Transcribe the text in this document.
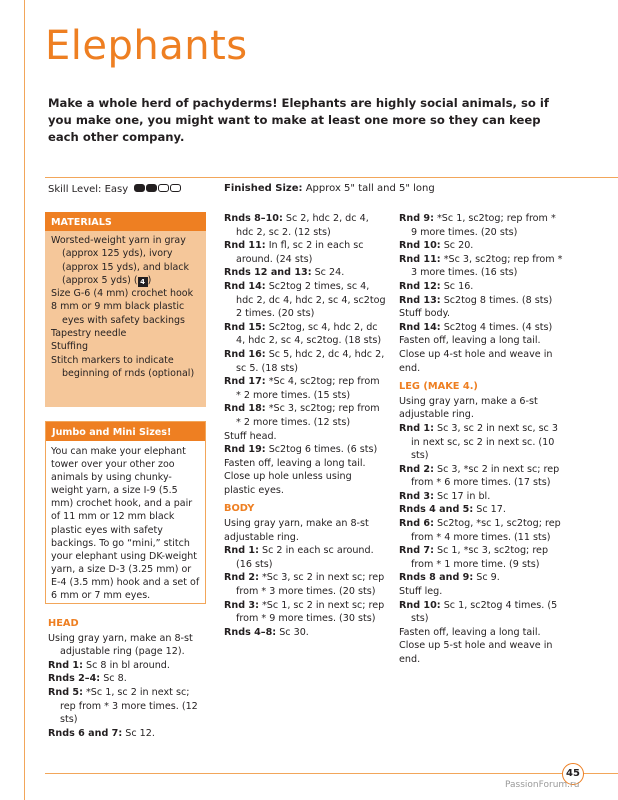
Elephants

Make a whole herd of pachyderms! Elephants are highly social animals, so if you make one, you might want to make at least one more so they can keep each other company.

Skill Level: Easy	Finished Size: Approx 5" tall and 5" long
MATERIALS

Worsted-weight yarn in gray (approx 125 yds), ivory (approx 15 yds), and black (approx 5 yds) ( 4 )

Size G-6 (4 mm) crochet hook

8 mm or 9 mm black plastic eyes with safety backings

Tapestry needle

Stuffing

Stitch markers to indicate beginning of rnds (optional)

Jumbo and Mini Sizes!

You can make your elephant tower over your other zoo animals by using chunky-weight yarn, a size I-9 (5.5 mm) crochet hook, and a pair of 11 mm or 12 mm black plastic eyes with safety backings. To go “mini,” stitch your elephant using DK-weight yarn, a size D-3 (3.25 mm) or E-4 (3.5 mm) hook and a set of 6 mm or 7 mm eyes.

HEAD

Using gray yarn, make an 8-st adjustable ring (page 12).

Rnd 1: Sc 8 in bl around.

Rnds 2–4: Sc 8.

Rnd 5: *Sc 1, sc 2 in next sc; rep from * 3 more times. (12 sts)

Rnds 6 and 7: Sc 12.

Rnds 8–10: Sc 2, hdc 2, dc 4, hdc 2, sc 2. (12 sts)

Rnd 11: In fl, sc 2 in each sc around. (24 sts)

Rnds 12 and 13: Sc 24.

Rnd 14: Sc2tog 2 times, sc 4, hdc 2, dc 4, hdc 2, sc 4, sc2tog 2 times. (20 sts)

Rnd 15: Sc2tog, sc 4, hdc 2, dc 4, hdc 2, sc 4, sc2tog. (18 sts)

Rnd 16: Sc 5, hdc 2, dc 4, hdc 2, sc 5. (18 sts)

Rnd 17: *Sc 4, sc2tog; rep from * 2 more times. (15 sts)

Rnd 18: *Sc 3, sc2tog; rep from * 2 more times. (12 sts)

Stuff head.

Rnd 19: Sc2tog 6 times. (6 sts)

Fasten off, leaving a long tail. Close up hole unless using plastic eyes.

BODY

Using gray yarn, make an 8-st adjustable ring.

Rnd 1: Sc 2 in each sc around. (16 sts)

Rnd 2: *Sc 3, sc 2 in next sc; rep from * 3 more times. (20 sts)

Rnd 3: *Sc 1, sc 2 in next sc; rep from * 9 more times. (30 sts)

Rnds 4–8: Sc 30.

Rnd 9: *Sc 1, sc2tog; rep from * 9 more times. (20 sts)

Rnd 10: Sc 20.

Rnd 11: *Sc 3, sc2tog; rep from * 3 more times. (16 sts)

Rnd 12: Sc 16.

Rnd 13: Sc2tog 8 times. (8 sts)

Stuff body.

Rnd 14: Sc2tog 4 times. (4 sts)

Fasten off, leaving a long tail. Close up 4-st hole and weave in end.

LEG (MAKE 4.)

Using gray yarn, make a 6-st adjustable ring.

Rnd 1: Sc 3, sc 2 in next sc, sc 3 in next sc, sc 2 in next sc. (10 sts)

Rnd 2: Sc 3, *sc 2 in next sc; rep from * 6 more times. (17 sts)

Rnd 3: Sc 17 in bl.

Rnds 4 and 5: Sc 17.

Rnd 6: Sc2tog, *sc 1, sc2tog; rep from * 4 more times. (11 sts)

Rnd 7: Sc 1, *sc 3, sc2tog; rep from * 1 more time. (9 sts)

Rnds 8 and 9: Sc 9.

Stuff leg.

Rnd 10: Sc 1, sc2tog 4 times. (5 sts)

Fasten off, leaving a long tail. Close up 5-st hole and weave in end.

45
PassionForum.ru
